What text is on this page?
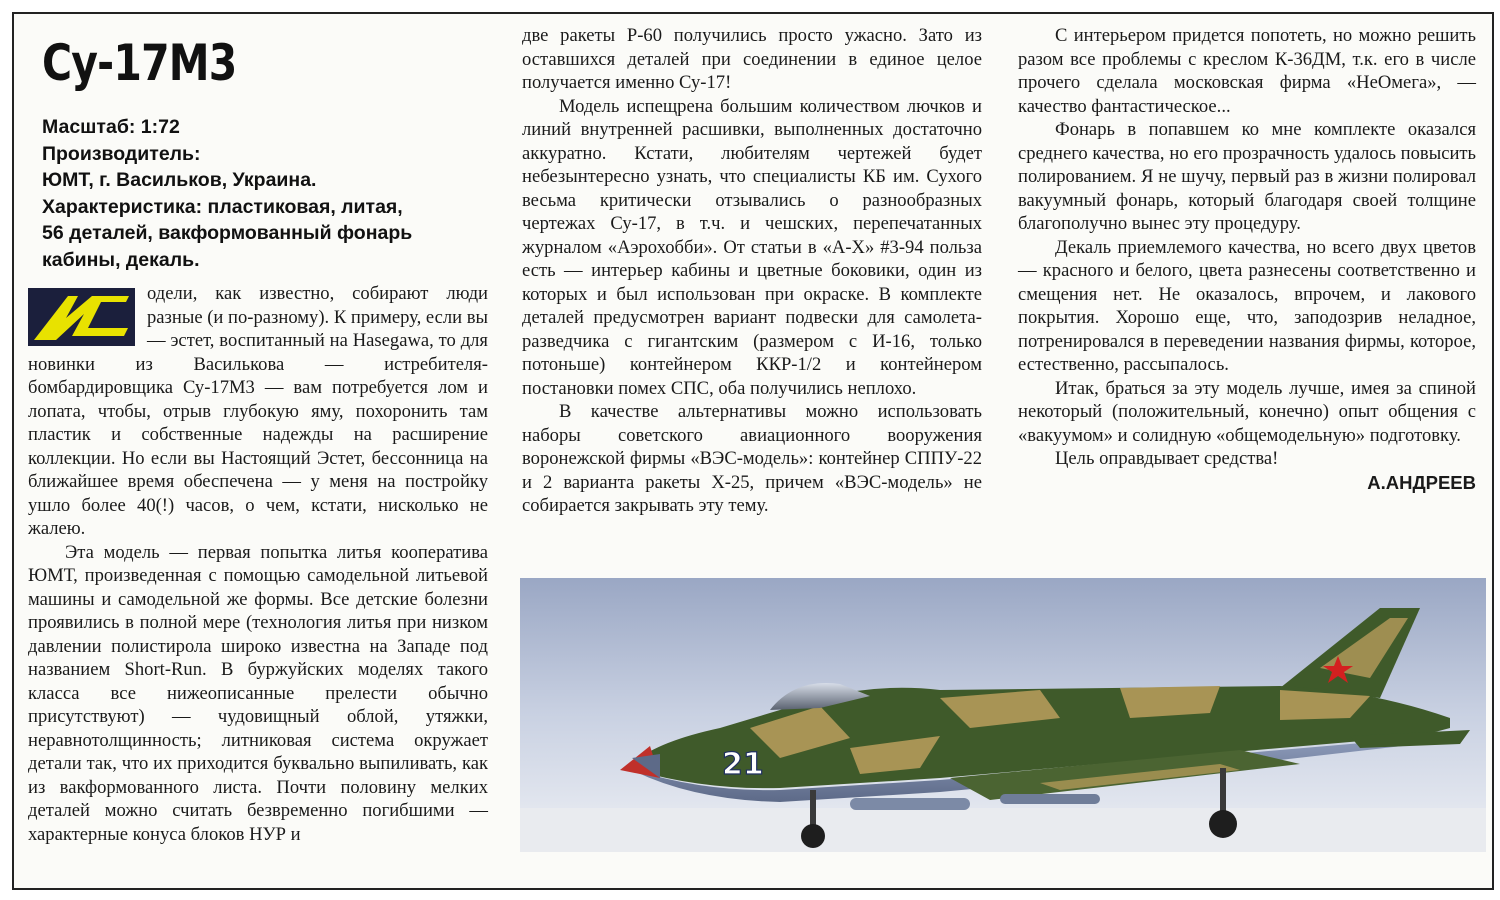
Су-17М3
Масштаб: 1:72
Производитель:
ЮМТ, г. Васильков, Украина.
Характеристика: пластиковая, литая,
56 деталей, вакформованный фонарь
кабины, декаль.

одели, как известно, собирают люди разные (и по-разному). К примеру, если вы — эстет, воспитанный на Hasegawa, то для новинки из Василькова — истребителя-бомбардировщика Су-17М3 — вам потребуется лом и лопата, чтобы, отрыв глубокую яму, похоронить там пластик и собственные надежды на расширение коллекции. Но если вы Настоящий Эстет, бессонница на ближайшее время обеспечена — у меня на постройку ушло более 40(!) часов, о чем, кстати, нисколько не жалею.

Эта модель — первая попытка литья кооператива ЮМТ, произведенная с помощью самодельной литьевой машины и самодельной же формы. Все детские болезни проявились в полной мере (технология литья при низком давлении полистирола широко известна на Западе под названием Short-Run. В буржуйских моделях такого класса все нижеописанные прелести обычно присутствуют) — чудовищный облой, утяжки, неравнотолщинность; литниковая система окружает детали так, что их приходится буквально выпиливать, как из вакформованного листа. Почти половину мелких деталей можно считать безвременно погибшими — характерные конуса блоков НУР и

две ракеты Р-60 получились просто ужасно. Зато из оставшихся деталей при соединении в единое целое получается именно Су-17!

Модель испещрена большим количеством лючков и линий внутренней расшивки, выполненных достаточно аккуратно. Кстати, любителям чертежей будет небезынтересно узнать, что специалисты КБ им. Сухого весьма критически отзывались о разнообразных чертежах Су-17, в т.ч. и чешских, перепечатанных журналом «Аэрохобби». От статьи в «А-Х» #3-94 польза есть — интерьер кабины и цветные боковики, один из которых и был использован при окраске. В комплекте деталей предусмотрен вариант подвески для самолета-разведчика с гигантским (размером с И-16, только потоньше) контейнером ККР-1/2 и контейнером постановки помех СПС, оба получились неплохо.

В качестве альтернативы можно использовать наборы советского авиационного вооружения воронежской фирмы «ВЭС-модель»: контейнер СППУ-22 и 2 варианта ракеты Х-25, причем «ВЭС-модель» не собирается закрывать эту тему.

С интерьером придется попотеть, но можно решить разом все проблемы с креслом К-36ДМ, т.к. его в числе прочего сделала московская фирма «НеОмега», — качество фантастическое...

Фонарь в попавшем ко мне комплекте оказался среднего качества, но его прозрачность удалось повысить полированием. Я не шучу, первый раз в жизни полировал вакуумный фонарь, который благодаря своей толщине благополучно вынес эту процедуру.

Декаль приемлемого качества, но всего двух цветов — красного и белого, цвета разнесены соответственно и смещения нет. Не оказалось, впрочем, и лакового покрытия. Хорошо еще, что, заподозрив неладное, потренировался в переведении названия фирмы, которое, естественно, рассыпалось.

Итак, браться за эту модель лучше, имея за спиной некоторый (положительный, конечно) опыт общения с «вакуумом» и солидную «общемодельную» подготовку.

Цель оправдывает средства!

А.АНДРЕЕВ

21
